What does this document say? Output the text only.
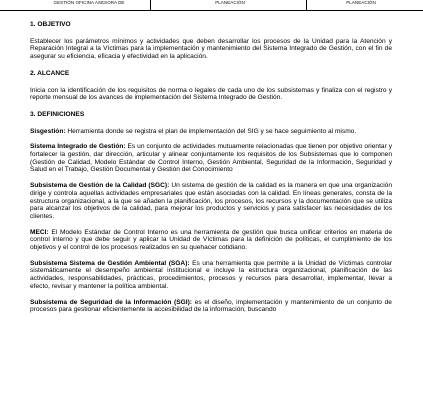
GESTIÓN OFICINA ASESORA DE	PLANEACIÓN	PLANEACIÓN

1. OBJETIVO

Establecer los parámetros mínimos y actividades que deben desarrollar los procesos de la Unidad para la Atención y Reparación Integral a la Víctimas para la implementación y mantenimiento del Sistema Integrado de Gestión, con el fin de asegurar su eficiencia, eficacia y efectividad en la aplicación.

2. ALCANCE

Inicia con la identificación de los requisitos de norma o legales de cada uno de los subsistemas y finaliza con el registro y reporte mensual de los avances de implementación del Sistema Integrado de Gestión.

3. DEFINICIONES

Sisgestión: Herramienta donde se registra el plan de implementación del SIG y se hace seguimiento al mismo.

Sistema Integrado de Gestión: Es un conjunto de actividades mutuamente relacionadas que tienen por objetivo orientar y fortalecer la gestión, dar dirección, articular y alinear conjuntamente los requisitos de los Subsistemas que lo componen (Gestión de Calidad, Modelo Estándar de Control Interno, Gestión Ambiental, Seguridad de la Información, Seguridad y Salud en el Trabajo, Gestión Documental y Gestión del Conocimiento

Subsistema de Gestión de la Calidad (SGC): Un sistema de gestión de la calidad es la manera en que una organización dirige y controla aquellas actividades empresariales que están asociadas con la calidad. En líneas generales, consta de la estructura organizacional, a la que se añaden la planificación, los procesos, los recursos y la documentación que se utiliza para alcanzar los objetivos de la calidad, para mejorar los productos y servicios y para satisfacer las necesidades de los clientes.

MECI: El Modelo Estándar de Control Interno es una herramienta de gestión que busca unificar criterios en materia de control interno y que debe seguir y aplicar la Unidad de Víctimas para la definición de políticas, el cumplimiento de los objetivos y el control de los procesos realizados en su quehacer cotidiano.

Subsistema Sistema de Gestión Ambiental (SGA): Es una herramienta que permite a la Unidad de Víctimas controlar sistemáticamente el desempeño ambiental institucional e incluye la estructura organizacional, planificación de las actividades, responsabilidades, prácticas, procedimientos, procesos y recursos para desarrollar, implementar, llevar a efecto, revisar y mantener la política ambiental.

Subsistema de Seguridad de la Información (SGI): es el diseño, implementación y mantenimiento de un conjunto de procesos para gestionar eficientemente la accesibilidad de la información, buscando
